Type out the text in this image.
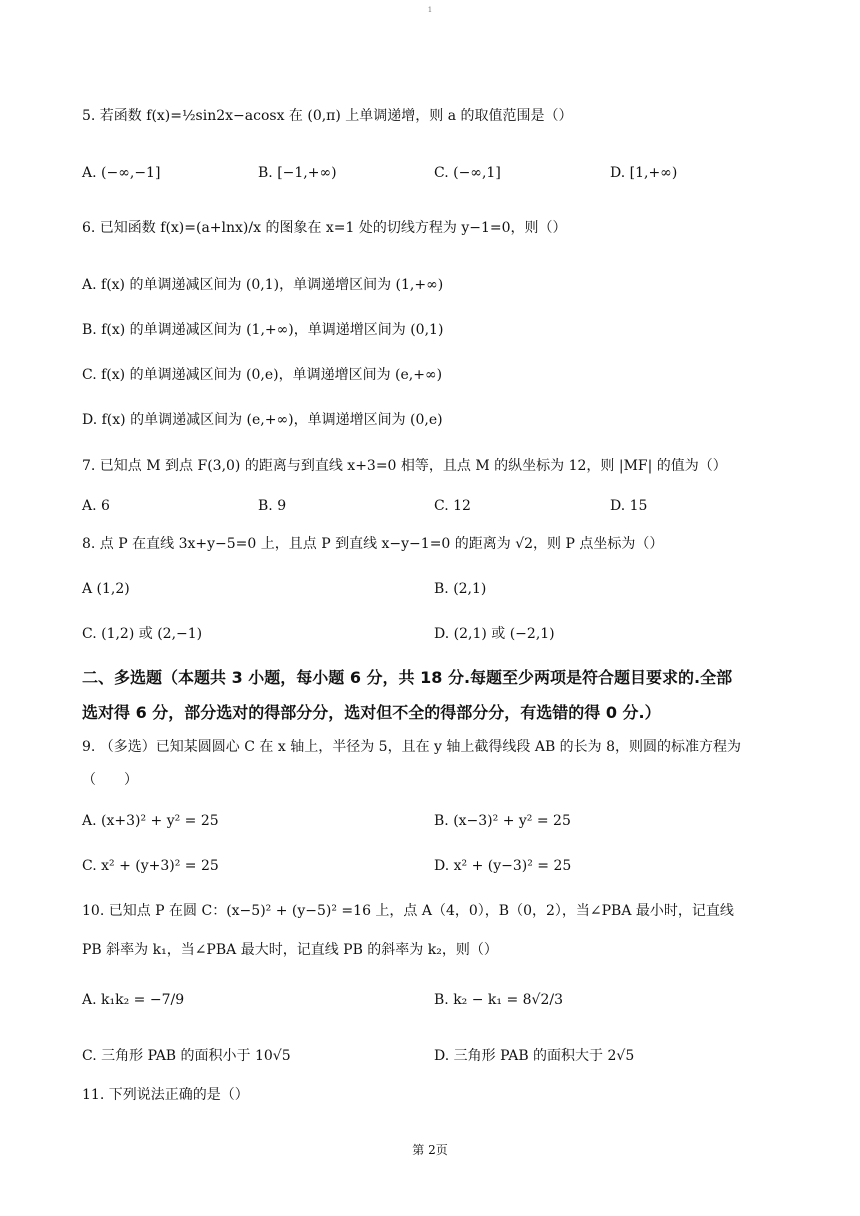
1
5. 若函数 f(x)=½sin2x−acosx 在 (0,π) 上单调递增，则 a 的取值范围是（）
A. (−∞,−1]	B. [−1,+∞)	C. (−∞,1]	D. [1,+∞)
6. 已知函数 f(x)=(a+lnx)/x 的图象在 x=1 处的切线方程为 y−1=0，则（）
A. f(x) 的单调递减区间为 (0,1)，单调递增区间为 (1,+∞)
B. f(x) 的单调递减区间为 (1,+∞)，单调递增区间为 (0,1)
C. f(x) 的单调递减区间为 (0,e)，单调递增区间为 (e,+∞)
D. f(x) 的单调递减区间为 (e,+∞)，单调递增区间为 (0,e)
7. 已知点 M 到点 F(3,0) 的距离与到直线 x+3=0 相等，且点 M 的纵坐标为 12，则 |MF| 的值为（）
A. 6	B. 9	C. 12	D. 15
8. 点 P 在直线 3x+y−5=0 上，且点 P 到直线 x−y−1=0 的距离为 √2，则 P 点坐标为（）
A (1,2)	B. (2,1)
C. (1,2) 或 (2,−1)	D. (2,1) 或 (−2,1)
二、多选题（本题共 3 小题，每小题 6 分，共 18 分.每题至少两项是符合题目要求的.全部
选对得 6 分，部分选对的得部分分，选对但不全的得部分分，有选错的得 0 分.）
9. （多选）已知某圆圆心 C 在 x 轴上，半径为 5，且在 y 轴上截得线段 AB 的长为 8，则圆的标准方程为
（　　）
A. (x+3)² + y² = 25	B. (x−3)² + y² = 25
C. x² + (y+3)² = 25	D. x² + (y−3)² = 25
10. 已知点 P 在圆 C：(x−5)² + (y−5)² =16 上，点 A（4，0），B（0，2），当∠PBA 最小时，记直线
PB 斜率为 k₁，当∠PBA 最大时，记直线 PB 的斜率为 k₂，则（）
A. k₁k₂ = −7/9	B. k₂ − k₁ = 8√2/3
C. 三角形 PAB 的面积小于 10√5	D. 三角形 PAB 的面积大于 2√5
11. 下列说法正确的是（）
第 2页
